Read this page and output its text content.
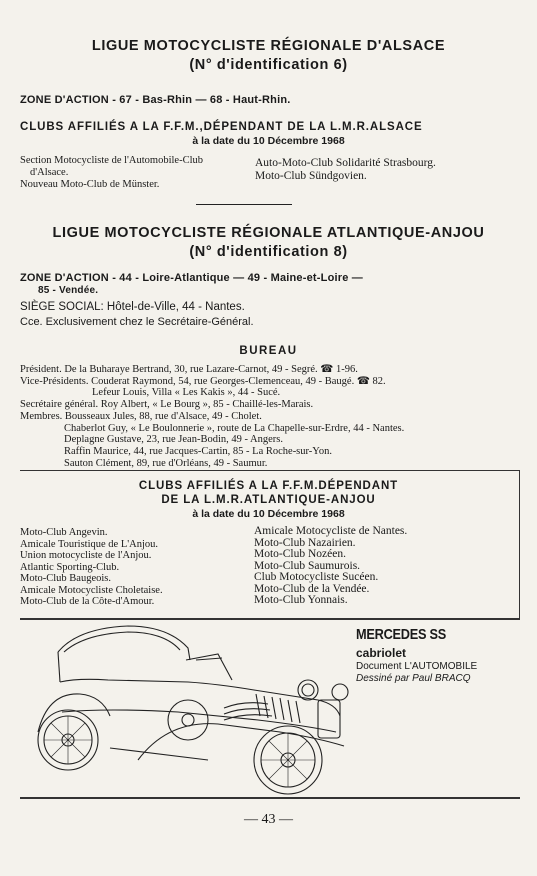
LIGUE MOTOCYCLISTE RÉGIONALE D'ALSACE
(N° d'identification 6)
ZONE D'ACTION - 67 - Bas-Rhin — 68 - Haut-Rhin.
CLUBS AFFILIÉS A LA F.F.M.,DÉPENDANT DE LA L.M.R.ALSACE
à la date du 10 Décembre 1968
Section Motocycliste de l'Automobile-Club
d'Alsace.
Nouveau Moto-Club de Münster.
Auto-Moto-Club Solidarité Strasbourg.
Moto-Club Sündgovien.
LIGUE MOTOCYCLISTE RÉGIONALE ATLANTIQUE-ANJOU
(N° d'identification 8)
ZONE D'ACTION - 44 - Loire-Atlantique — 49 - Maine-et-Loire —
85 - Vendée.
SIÈGE SOCIAL: Hôtel-de-Ville, 44 - Nantes.
Cce. Exclusivement chez le Secrétaire-Général.
BUREAU
Président. De la Buharaye Bertrand, 30, rue Lazare-Carnot, 49 - Segré. ☎ 1-96.
Vice-Présidents. Couderat Raymond, 54, rue Georges-Clemenceau, 49 - Baugé. ☎ 82.
Lefeur Louis, Villa « Les Kakis », 44 - Sucé.
Secrétaire général. Roy Albert, « Le Bourg », 85 - Chaillé-les-Marais.
Membres. Bousseaux Jules, 88, rue d'Alsace, 49 - Cholet.
Chaberlot Guy, « Le Boulonnerie », route de La Chapelle-sur-Erdre, 44 - Nantes.
Deplagne Gustave, 23, rue Jean-Bodin, 49 - Angers.
Raffin Maurice, 44, rue Jacques-Cartin, 85 - La Roche-sur-Yon.
Sauton Clément, 89, rue d'Orléans, 49 - Saumur.
CLUBS AFFILIÉS A LA F.F.M.DÉPENDANT
DE LA L.M.R.ATLANTIQUE-ANJOU
à la date du 10 Décembre 1968
Moto-Club Angevin.
Amicale Touristique de L'Anjou.
Union motocycliste de l'Anjou.
Atlantic Sporting-Club.
Moto-Club Baugeois.
Amicale Motocycliste Choletaise.
Moto-Club de la Côte-d'Amour.
Amicale Motocycliste de Nantes.
Moto-Club Nazairien.
Moto-Club Nozéen.
Moto-Club Saumurois.
Club Motocycliste Sucéen.
Moto-Club de la Vendée.
Moto-Club Yonnais.
MERCEDES SS
cabriolet
Document L'AUTOMOBILE
Dessiné par Paul BRACQ
— 43 —
